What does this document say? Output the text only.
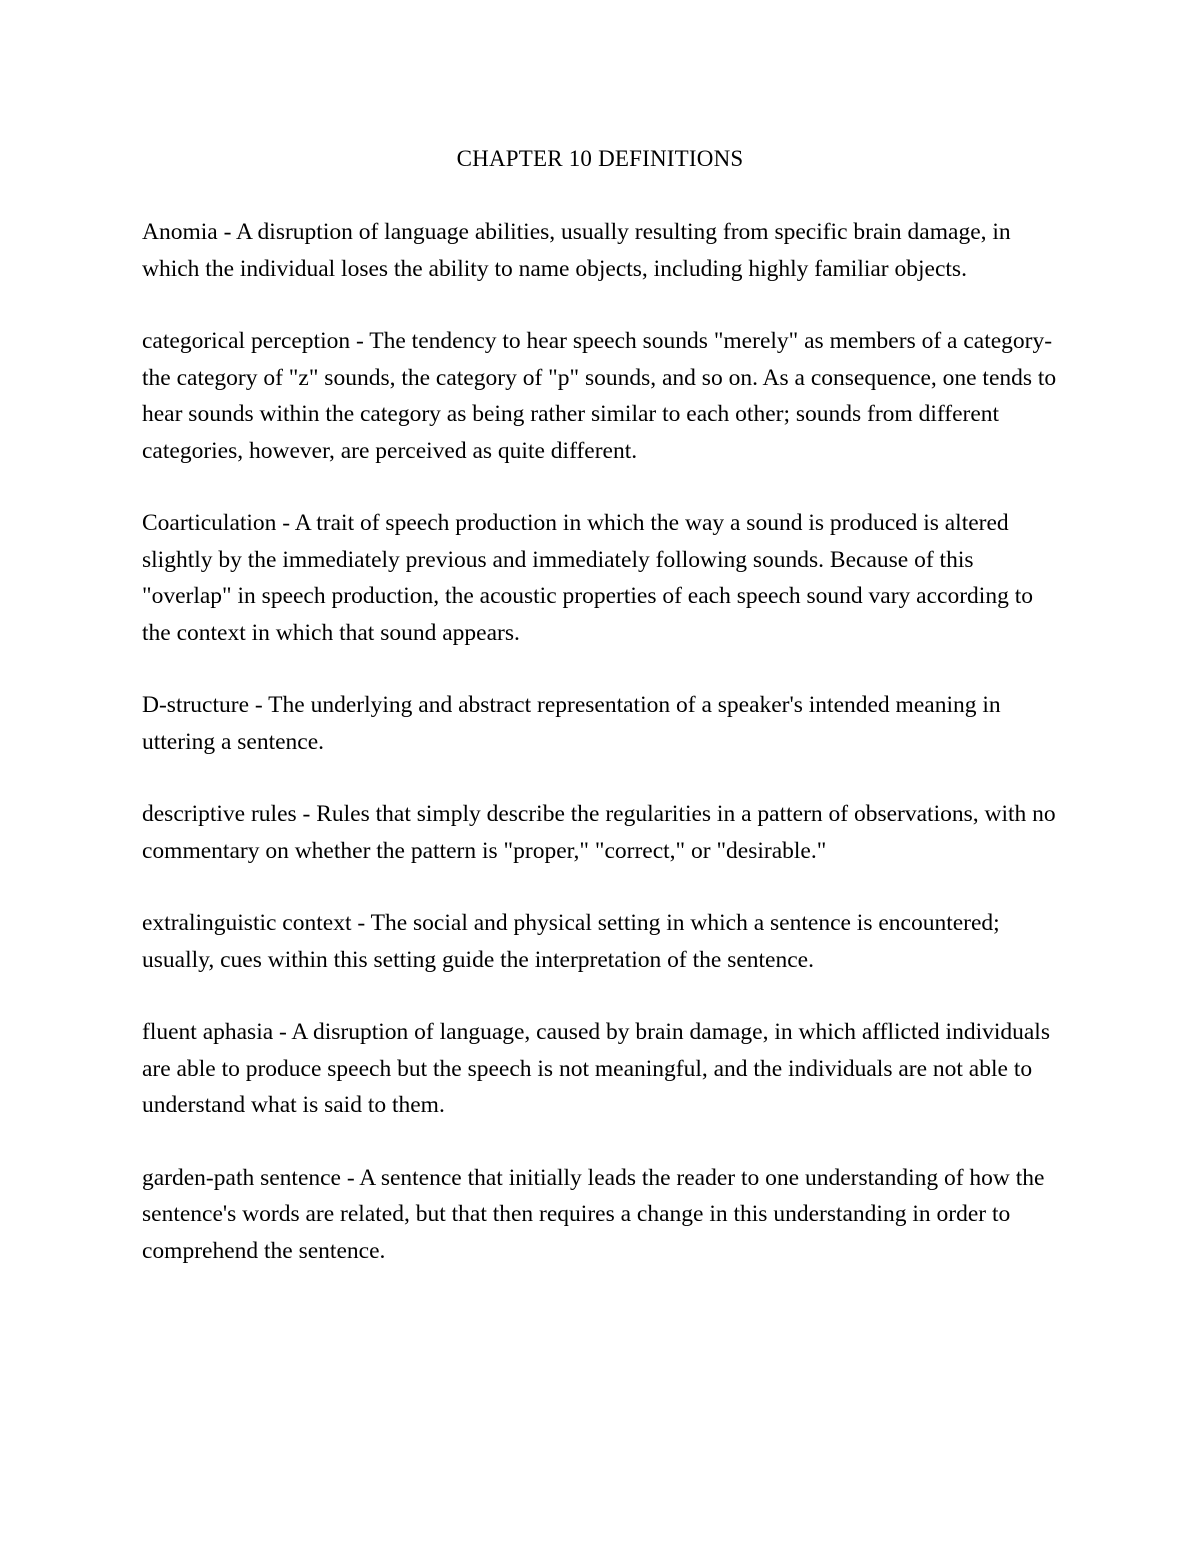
CHAPTER 10 DEFINITIONS

Anomia - A disruption of language abilities, usually resulting from specific brain damage, in which the individual loses the ability to name objects, including highly familiar objects.

categorical perception - The tendency to hear speech sounds "merely" as members of a category-the category of "z" sounds, the category of "p" sounds, and so on. As a consequence, one tends to hear sounds within the category as being rather similar to each other; sounds from different categories, however, are perceived as quite different.

Coarticulation - A trait of speech production in which the way a sound is produced is altered slightly by the immediately previous and immediately following sounds. Because of this "overlap" in speech production, the acoustic properties of each speech sound vary according to the context in which that sound appears.

D-structure - The underlying and abstract representation of a speaker's intended meaning in uttering a sentence.

descriptive rules - Rules that simply describe the regularities in a pattern of observations, with no commentary on whether the pattern is "proper," "correct," or "desirable."

extralinguistic context - The social and physical setting in which a sentence is encountered; usually, cues within this setting guide the interpretation of the sentence.

fluent aphasia - A disruption of language, caused by brain damage, in which afflicted individuals are able to produce speech but the speech is not meaningful, and the individuals are not able to understand what is said to them.

garden-path sentence - A sentence that initially leads the reader to one understanding of how the sentence's words are related, but that then requires a change in this understanding in order to comprehend the sentence.
